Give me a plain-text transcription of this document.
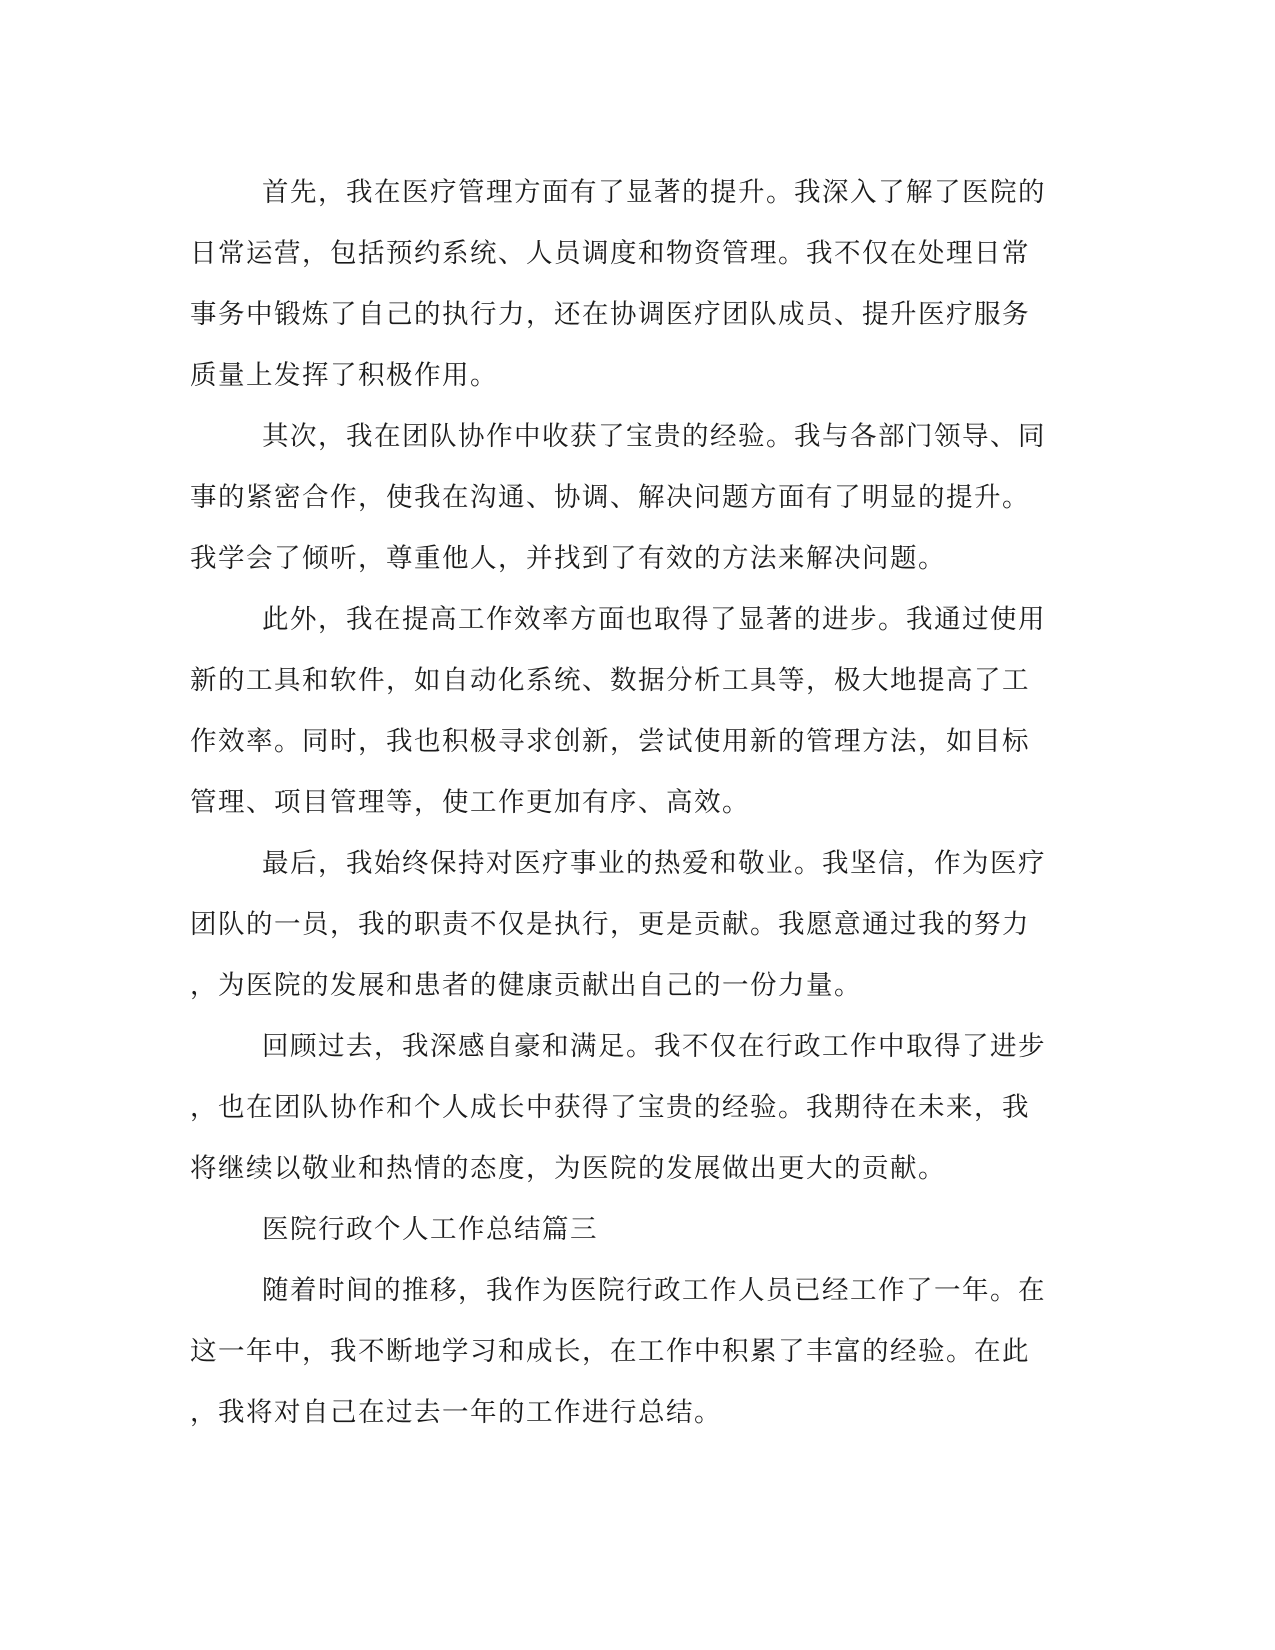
首先，我在医疗管理方面有了显著的提升。我深入了解了医院的
日常运营，包括预约系统、人员调度和物资管理。我不仅在处理日常
事务中锻炼了自己的执行力，还在协调医疗团队成员、提升医疗服务
质量上发挥了积极作用。
其次，我在团队协作中收获了宝贵的经验。我与各部门领导、同
事的紧密合作，使我在沟通、协调、解决问题方面有了明显的提升。
我学会了倾听，尊重他人，并找到了有效的方法来解决问题。
此外，我在提高工作效率方面也取得了显著的进步。我通过使用
新的工具和软件，如自动化系统、数据分析工具等，极大地提高了工
作效率。同时，我也积极寻求创新，尝试使用新的管理方法，如目标
管理、项目管理等，使工作更加有序、高效。
最后，我始终保持对医疗事业的热爱和敬业。我坚信，作为医疗
团队的一员，我的职责不仅是执行，更是贡献。我愿意通过我的努力
，为医院的发展和患者的健康贡献出自己的一份力量。
回顾过去，我深感自豪和满足。我不仅在行政工作中取得了进步
，也在团队协作和个人成长中获得了宝贵的经验。我期待在未来，我
将继续以敬业和热情的态度，为医院的发展做出更大的贡献。
医院行政个人工作总结篇三
随着时间的推移，我作为医院行政工作人员已经工作了一年。在
这一年中，我不断地学习和成长，在工作中积累了丰富的经验。在此
，我将对自己在过去一年的工作进行总结。
